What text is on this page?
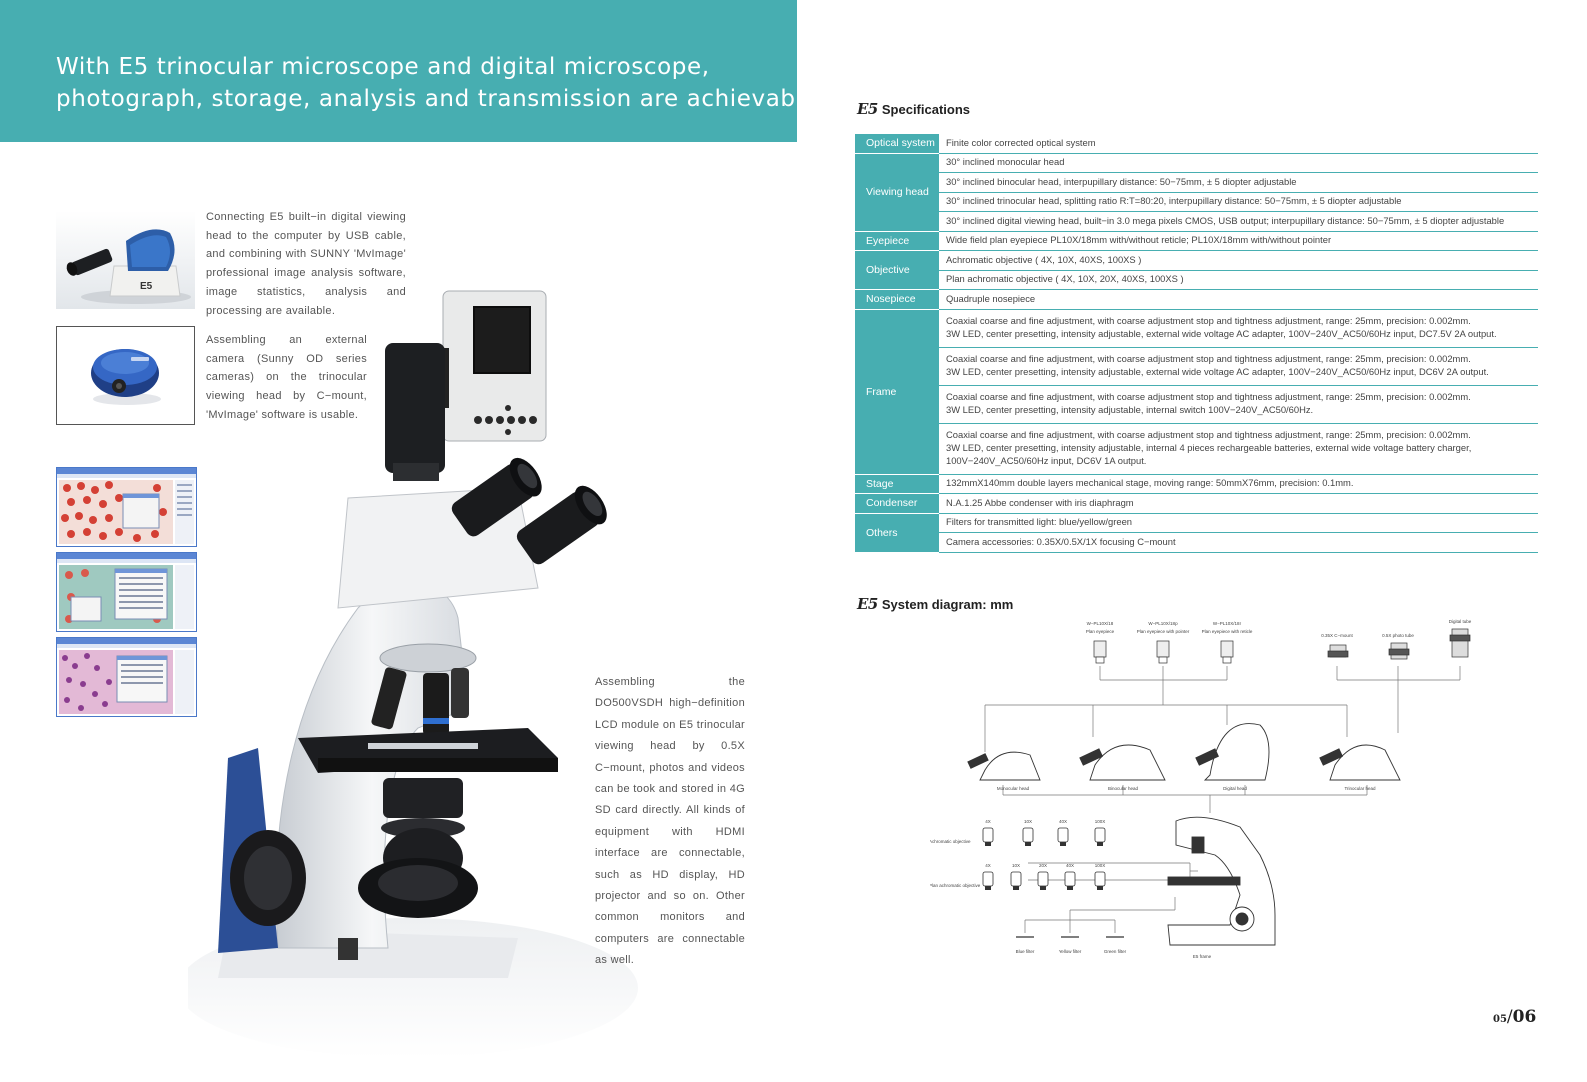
With E5 trinocular microscope and digital microscope,
photograph, storage, analysis and transmission are achievable.
E5
Connecting E5 built−in digital viewing head to the computer by USB cable, and combining with SUNNY 'MvImage' professional image analysis software, image statistics, analysis and processing are available.
Assembling an external camera (Sunny OD series cameras) on the trinocular viewing head by C−mount, 'MvImage' software is usable.
Assembling the DO500VSDH high−definition LCD module on E5 trinocular viewing head by 0.5X C−mount, photos and videos can be took and stored in 4G SD card directly. All kinds of equipment with HDMI interface are connectable, such as HD display, HD projector and so on. Other common monitors and computers are connectable as well.
E5 Specifications
Optical system	Finite color corrected optical system
Viewing head	30° inclined monocular head
	30° inclined binocular head, interpupillary distance: 50−75mm, ± 5 diopter adjustable
	30° inclined trinocular head, splitting ratio R:T=80:20, interpupillary distance: 50−75mm, ± 5 diopter adjustable
	30° inclined digital viewing head, built−in 3.0 mega pixels CMOS, USB output; interpupillary distance: 50−75mm, ± 5 diopter adjustable
Eyepiece	Wide field plan eyepiece PL10X/18mm with/without reticle; PL10X/18mm with/without pointer
Objective	Achromatic objective ( 4X, 10X, 40XS, 100XS )
	Plan achromatic objective ( 4X, 10X, 20X, 40XS, 100XS )
Nosepiece	Quadruple nosepiece
Frame	Coaxial coarse and fine adjustment, with coarse adjustment stop and tightness adjustment, range: 25mm, precision: 0.002mm.
3W LED, center presetting, intensity adjustable, external wide voltage AC adapter, 100V−240V_AC50/60Hz input, DC7.5V 2A output.

	Coaxial coarse and fine adjustment, with coarse adjustment stop and tightness adjustment, range: 25mm, precision: 0.002mm.
3W LED, center presetting, intensity adjustable, external wide voltage AC adapter, 100V−240V_AC50/60Hz input, DC6V 2A output.

	Coaxial coarse and fine adjustment, with coarse adjustment stop and tightness adjustment, range: 25mm, precision: 0.002mm.
3W LED, center presetting, intensity adjustable, internal switch 100V−240V_AC50/60Hz.

	Coaxial coarse and fine adjustment, with coarse adjustment stop and tightness adjustment, range: 25mm, precision: 0.002mm.
3W LED, center presetting, intensity adjustable, internal 4 pieces rechargeable batteries, external wide voltage battery charger,
100V−240V_AC50/60Hz input, DC6V 1A output.

Stage	132mmX140mm double layers mechanical stage, moving range: 50mmX76mm, precision: 0.1mm.
Condenser	N.A.1.25 Abbe condenser with iris diaphragm
Others	Filters for transmitted light: blue/yellow/green
	Camera accessories: 0.35X/0.5X/1X focusing C−mount
E5 System diagram: mm
W−PL10X/18
Plan eyepiece
W−PL10X/18p
Plan eyepiece with pointer
W−PL10X/18r
Plan eyepiece with reticle
0.35X C−mount	0.5X photo tube
Digital tube
Monocular head	Binocular head	Digital head	Trinocular head
Achromatic objective
4X	10X	40X	100X
Plan achromatic objective
4X	10X	20X	40X	100X
Blue filter	Yellow filter	Green filter
E5 frame
05/06
